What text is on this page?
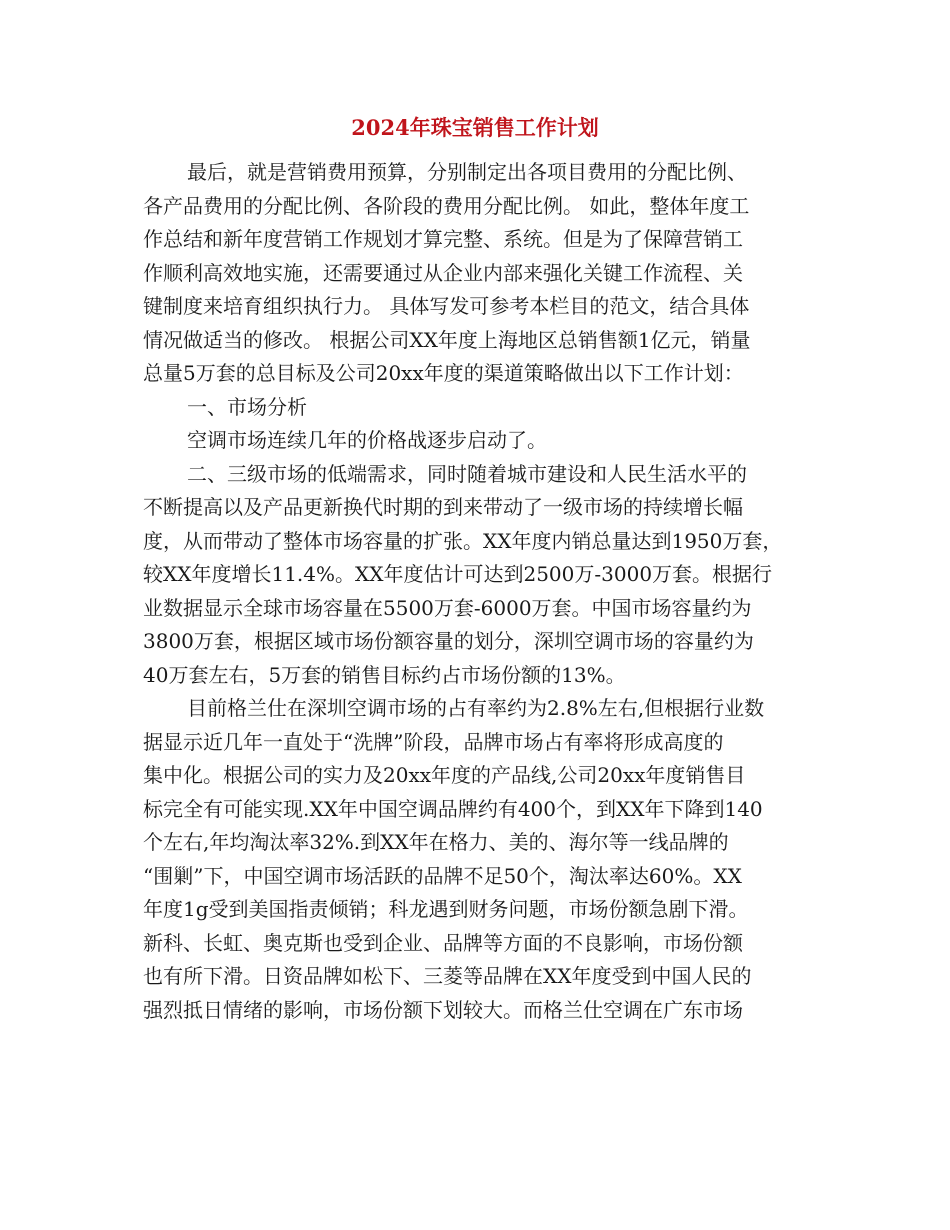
2024年珠宝销售工作计划
最后，就是营销费用预算，分别制定出各项目费用的分配比例、
各产品费用的分配比例、各阶段的费用分配比例。 如此，整体年度工
作总结和新年度营销工作规划才算完整、系统。但是为了保障营销工
作顺利高效地实施，还需要通过从企业内部来强化关键工作流程、关
键制度来培育组织执行力。 具体写发可参考本栏目的范文，结合具体
情况做适当的修改。 根据公司XX年度上海地区总销售额1亿元，销量
总量5万套的总目标及公司20xx年度的渠道策略做出以下工作计划：
一、市场分析
空调市场连续几年的价格战逐步启动了。
二、三级市场的低端需求，同时随着城市建设和人民生活水平的
不断提高以及产品更新换代时期的到来带动了一级市场的持续增长幅
度，从而带动了整体市场容量的扩张。XX年度内销总量达到1950万套，
较XX年度增长11.4%。XX年度估计可达到2500万-3000万套。根据行
业数据显示全球市场容量在5500万套-6000万套。中国市场容量约为
3800万套，根据区域市场份额容量的划分，深圳空调市场的容量约为
40万套左右，5万套的销售目标约占市场份额的13%。
目前格兰仕在深圳空调市场的占有率约为2.8%左右,但根据行业数
据显示近几年一直处于“洗牌”阶段，品牌市场占有率将形成高度的
集中化。根据公司的实力及20xx年度的产品线,公司20xx年度销售目
标完全有可能实现.XX年中国空调品牌约有400个，到XX年下降到140
个左右,年均淘汰率32%.到XX年在格力、美的、海尔等一线品牌的
“围剿”下，中国空调市场活跃的品牌不足50个，淘汰率达60%。XX
年度1g受到美国指责倾销；科龙遇到财务问题，市场份额急剧下滑。
新科、长虹、奥克斯也受到企业、品牌等方面的不良影响，市场份额
也有所下滑。日资品牌如松下、三菱等品牌在XX年度受到中国人民的
强烈抵日情绪的影响，市场份额下划较大。而格兰仕空调在广东市场
